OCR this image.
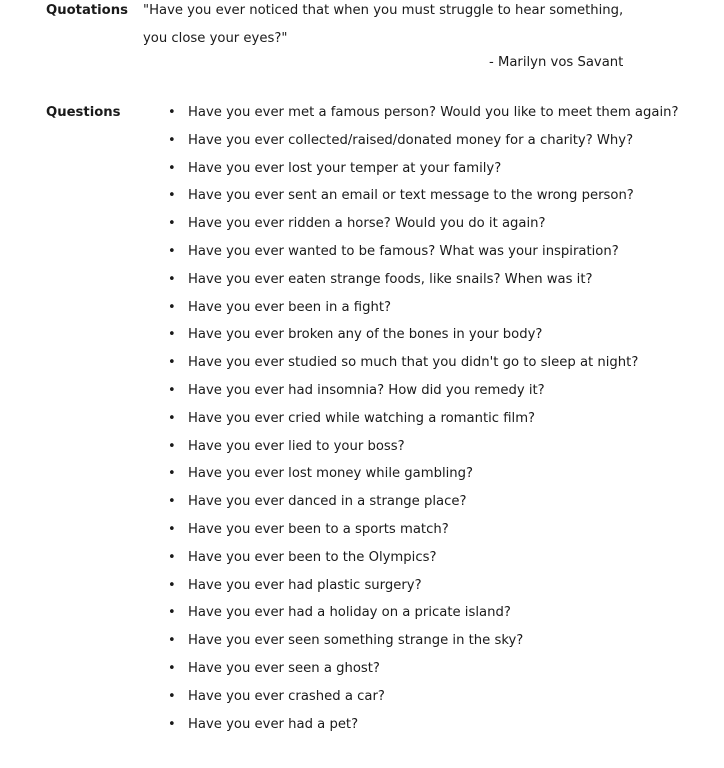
Quotations "Have you ever noticed that when you must struggle to hear something,
you close your eyes?"
- Marilyn vos Savant
Questions	• Have you ever met a famous person? Would you like to meet them again?
• Have you ever collected/raised/donated money for a charity? Why?
• Have you ever lost your temper at your family?
• Have you ever sent an email or text message to the wrong person?
• Have you ever ridden a horse? Would you do it again?
• Have you ever wanted to be famous? What was your inspiration?
• Have you ever eaten strange foods, like snails? When was it?
• Have you ever been in a fight?
• Have you ever broken any of the bones in your body?
• Have you ever studied so much that you didn't go to sleep at night?
• Have you ever had insomnia? How did you remedy it?
• Have you ever cried while watching a romantic film?
• Have you ever lied to your boss?
• Have you ever lost money while gambling?
• Have you ever danced in a strange place?
• Have you ever been to a sports match?
• Have you ever been to the Olympics?
• Have you ever had plastic surgery?
• Have you ever had a holiday on a pricate island?
• Have you ever seen something strange in the sky?
• Have you ever seen a ghost?
• Have you ever crashed a car?
• Have you ever had a pet?
